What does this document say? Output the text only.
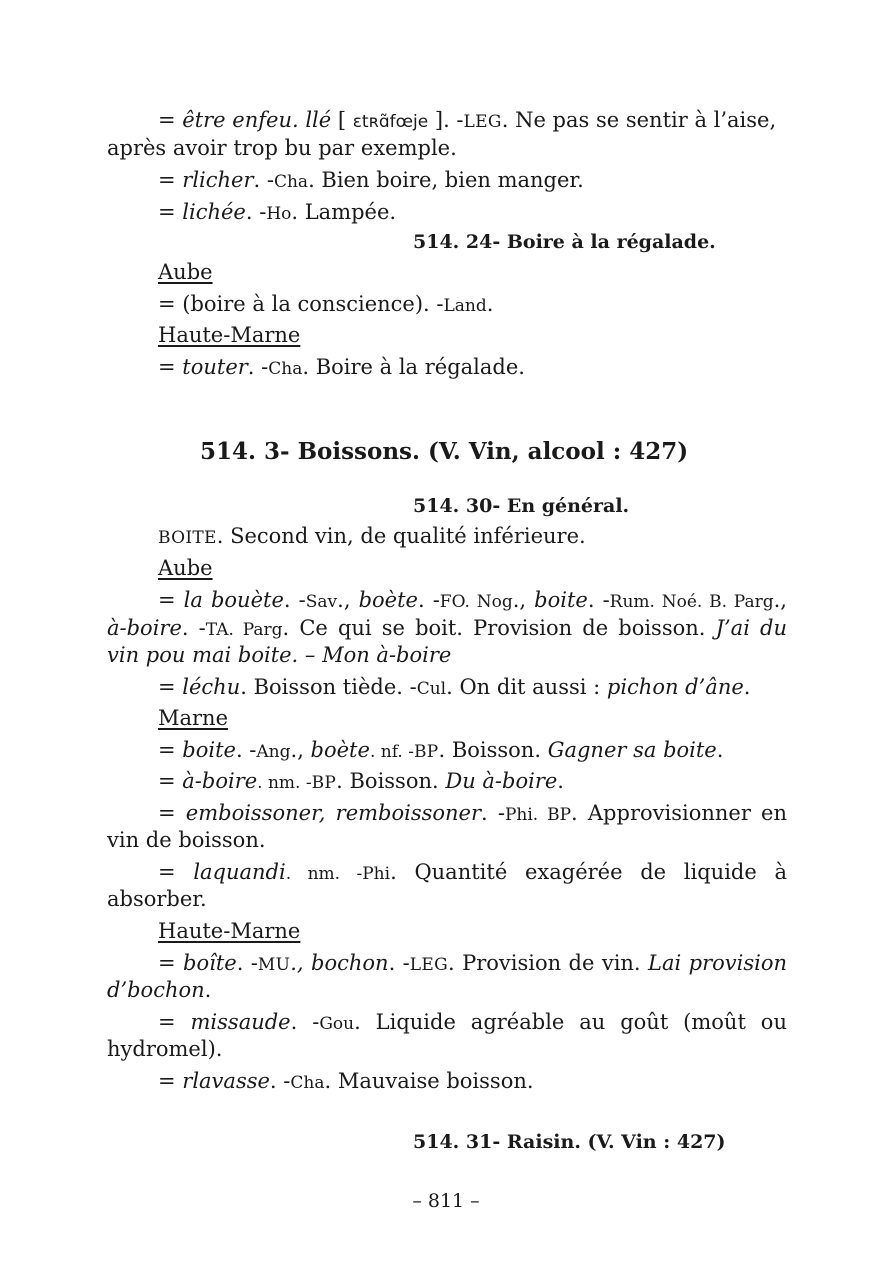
= être enfeu. llé [ ɛtʀɑ̃fœje ]. -LEG. Ne pas se sentir à l’aise,
après avoir trop bu par exemple.
= rlicher. -Cha. Bien boire, bien manger.
= lichée. -Ho. Lampée.
514. 24- Boire à la régalade.
Aube
= (boire à la conscience). -Land.
Haute-Marne
= touter. -Cha. Boire à la régalade.
514. 3- Boissons. (V. Vin, alcool : 427)
514. 30- En général.
BOITE. Second vin, de qualité inférieure.
Aube
= la bouète. -Sav., boète. -FO. Nog., boite. -Rum. Noé. B. Parg.,
à-boire. -TA. Parg. Ce qui se boit. Provision de boisson. J’ai du
vin pou mai boite. – Mon à-boire
= léchu. Boisson tiède. -Cul. On dit aussi : pichon d’âne.
Marne
= boite. -Ang., boète. nf. -BP. Boisson. Gagner sa boite.
= à-boire. nm. -BP. Boisson. Du à-boire.
= emboissoner, remboissoner. -Phi. BP. Approvisionner en
vin de boisson.
= laquandi. nm. -Phi. Quantité exagérée de liquide à
absorber.
Haute-Marne
= boîte. -MU., bochon. -LEG. Provision de vin. Lai provision
d’bochon.
= missaude. -Gou. Liquide agréable au goût (moût ou
hydromel).
= rlavasse. -Cha. Mauvaise boisson.
514. 31- Raisin. (V. Vin : 427)
– 811 –
